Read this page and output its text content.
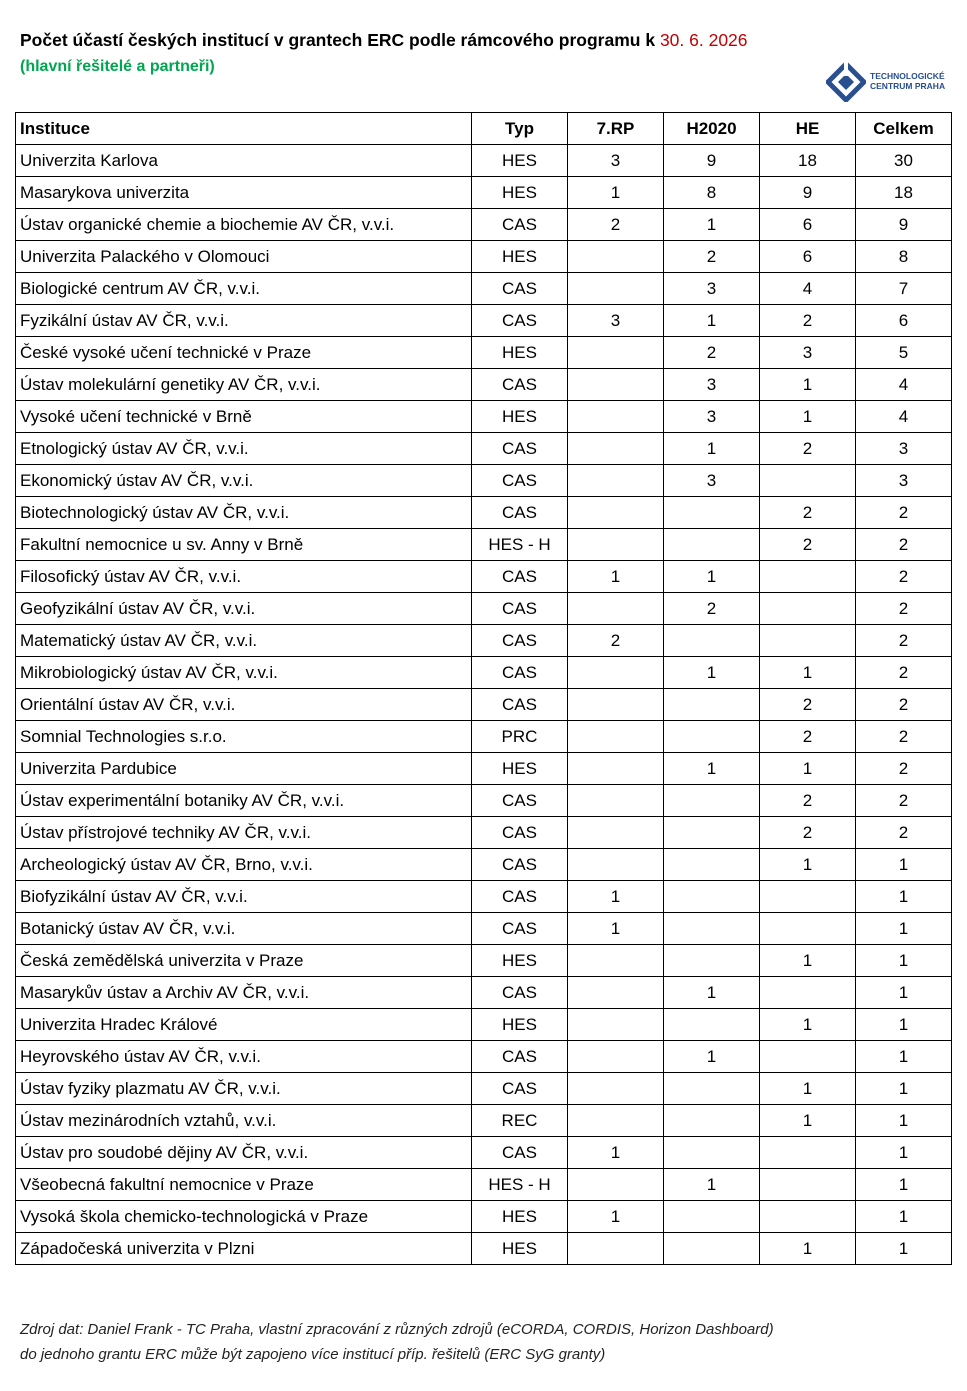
Počet účastí českých institucí v grantech ERC podle rámcového programu k 30. 6. 2026
(hlavní řešitelé a partneři)
TECHNOLOGICKÉ
CENTRUM PRAHA
Instituce	Typ	7.RP	H2020	HE	Celkem
Univerzita Karlova	HES	3	9	18	30
Masarykova univerzita	HES	1	8	9	18
Ústav organické chemie a biochemie AV ČR, v.v.i.	CAS	2	1	6	9
Univerzita Palackého v Olomouci	HES		2	6	8
Biologické centrum AV ČR, v.v.i.	CAS		3	4	7
Fyzikální ústav AV ČR, v.v.i.	CAS	3	1	2	6
České vysoké učení technické v Praze	HES		2	3	5
Ústav molekulární genetiky AV ČR, v.v.i.	CAS		3	1	4
Vysoké učení technické v Brně	HES		3	1	4
Etnologický ústav AV ČR, v.v.i.	CAS		1	2	3
Ekonomický ústav AV ČR, v.v.i.	CAS		3		3
Biotechnologický ústav AV ČR, v.v.i.	CAS			2	2
Fakultní nemocnice u sv. Anny v Brně	HES - H			2	2
Filosofický ústav AV ČR, v.v.i.	CAS	1	1		2
Geofyzikální ústav AV ČR, v.v.i.	CAS		2		2
Matematický ústav AV ČR, v.v.i.	CAS	2			2
Mikrobiologický ústav AV ČR, v.v.i.	CAS		1	1	2
Orientální ústav AV ČR, v.v.i.	CAS			2	2
Somnial Technologies s.r.o.	PRC			2	2
Univerzita Pardubice	HES		1	1	2
Ústav experimentální botaniky AV ČR, v.v.i.	CAS			2	2
Ústav přístrojové techniky AV ČR, v.v.i.	CAS			2	2
Archeologický ústav AV ČR, Brno, v.v.i.	CAS			1	1
Biofyzikální ústav AV ČR, v.v.i.	CAS	1			1
Botanický ústav AV ČR, v.v.i.	CAS	1			1
Česká zemědělská univerzita v Praze	HES			1	1
Masarykův ústav a Archiv AV ČR, v.v.i.	CAS		1		1
Univerzita Hradec Králové	HES			1	1
Heyrovského ústav AV ČR, v.v.i.	CAS		1		1
Ústav fyziky plazmatu AV ČR, v.v.i.	CAS			1	1
Ústav mezinárodních vztahů, v.v.i.	REC			1	1
Ústav pro soudobé dějiny AV ČR, v.v.i.	CAS	1			1
Všeobecná fakultní nemocnice v Praze	HES - H		1		1
Vysoká škola chemicko-technologická v Praze	HES	1			1
Západočeská univerzita v Plzni	HES			1	1
Zdroj dat: Daniel Frank - TC Praha, vlastní zpracování z různých zdrojů (eCORDA, CORDIS, Horizon Dashboard)
do jednoho grantu ERC může být zapojeno více institucí příp. řešitelů (ERC SyG granty)
